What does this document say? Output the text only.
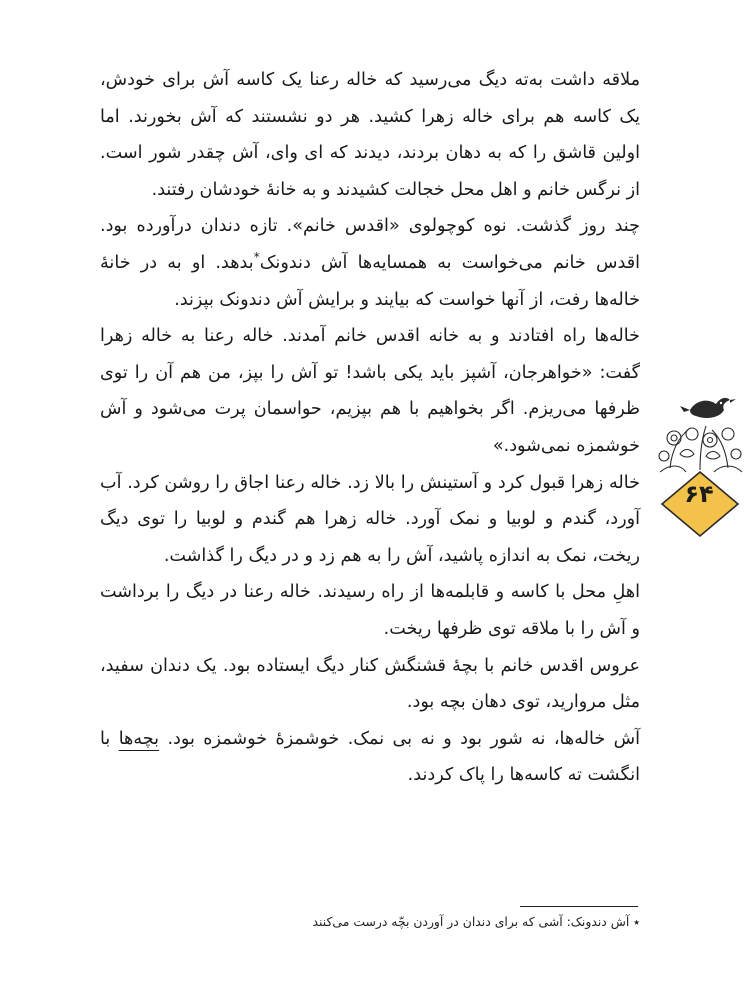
ملاقه داشت به‌ته دیگ می‌رسید که خاله رعنا یک کاسه آش برای خودش، یک کاسه هم برای خاله زهرا کشید. هر دو نشستند که آش بخورند. اما اولین قاشق را که به دهان بردند، دیدند که ای وای، آش چقدر شور است. از نرگس خانم و اهل محل خجالت کشیدند و به خانهٔ خودشان رفتند.

چند روز گذشت. نوه کوچولوی «اقدس خانم». تازه دندان درآورده بود. اقدس خانم می‌خواست به همسایه‌ها آش دندونک*بدهد. او به در خانهٔ خاله‌ها رفت، از آنها خواست که بیایند و برایش آش دندونک بپزند.

خاله‌ها راه افتادند و به خانه اقدس خانم آمدند. خاله رعنا به خاله زهرا گفت: «خواهرجان، آشپز باید یکی باشد! تو آش را بپز، من هم آن را توی ظرفها می‌ریزم. اگر بخواهیم با هم بپزیم، حواسمان پرت می‌شود و آش خوشمزه نمی‌شود.»

خاله زهرا قبول کرد و آستینش را بالا زد. خاله رعنا اجاق را روشن کرد. آب آورد، گندم و لوبیا و نمک آورد. خاله زهرا هم گندم و لوبیا را توی دیگ ریخت، نمک به اندازه پاشید، آش را به هم زد و در دیگ را گذاشت.

اهلِ محل با کاسه و قابلمه‌ها از راه رسیدند. خاله رعنا در دیگ را برداشت و آش را با ملاقه توی ظرفها ریخت.

عروس اقدس خانم با بچهٔ قشنگش کنار دیگ ایستاده بود. یک دندان سفید، مثل مروارید، توی دهان بچه بود.

آش خاله‌ها، نه شور بود و نه بی نمک. خوشمزهٔ خوشمزه بود. بچه‌ها با انگشت ته کاسه‌ها را پاک کردند.

٭ آش دندونک: آشی که برای دندان در آوردن بچّه درست می‌کنند
۶۴
